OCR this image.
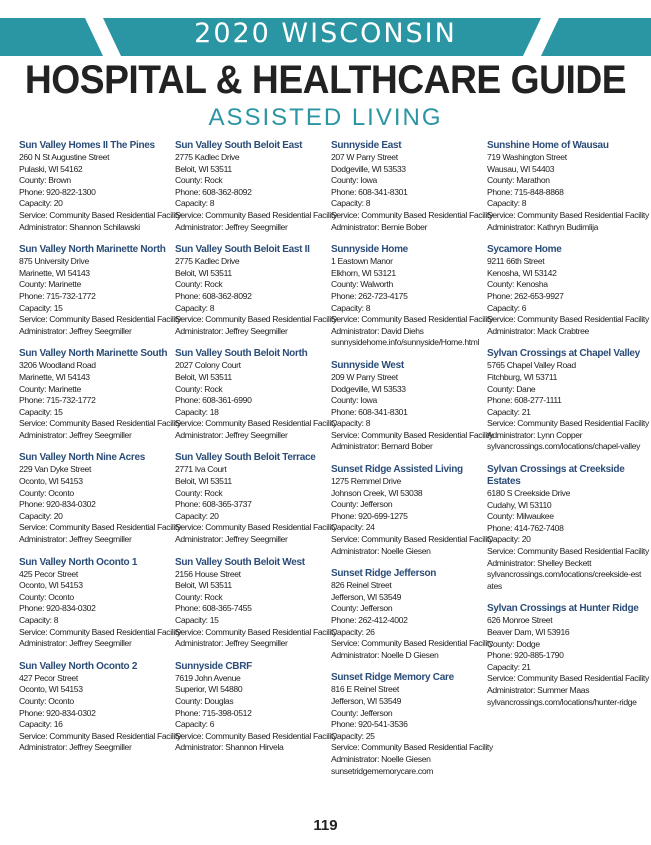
2020 WISCONSIN
HOSPITAL & HEALTHCARE GUIDE
ASSISTED LIVING
Sun Valley Homes II The Pines
260 N St Augustine Street
Pulaski, WI 54162
County: Brown
Phone: 920-822-1300
Capacity: 20
Service: Community Based Residential Facility
Administrator: Shannon Schilawski
Sun Valley North Marinette North
875 University Drive
Marinette, WI 54143
County: Marinette
Phone: 715-732-1772
Capacity: 15
Service: Community Based Residential Facility
Administrator: Jeffrey Seegmiller
Sun Valley North Marinette South
3206 Woodland Road
Marinette, WI 54143
County: Marinette
Phone: 715-732-1772
Capacity: 15
Service: Community Based Residential Facility
Administrator: Jeffrey Seegmiller
Sun Valley North Nine Acres
229 Van Dyke Street
Oconto, WI 54153
County: Oconto
Phone: 920-834-0302
Capacity: 20
Service: Community Based Residential Facility
Administrator: Jeffrey Seegmiller
Sun Valley North Oconto 1
425 Pecor Street
Oconto, WI 54153
County: Oconto
Phone: 920-834-0302
Capacity: 8
Service: Community Based Residential Facility
Administrator: Jeffrey Seegmiller
Sun Valley North Oconto 2
427 Pecor Street
Oconto, WI 54153
County: Oconto
Phone: 920-834-0302
Capacity: 16
Service: Community Based Residential Facility
Administrator: Jeffrey Seegmiller
Sun Valley South Beloit East
2775 Kadlec Drive
Beloit, WI 53511
County: Rock
Phone: 608-362-8092
Capacity: 8
Service: Community Based Residential Facility
Administrator: Jeffrey Seegmiller
Sun Valley South Beloit East II
2775 Kadlec Drive
Beloit, WI 53511
County: Rock
Phone: 608-362-8092
Capacity: 8
Service: Community Based Residential Facility
Administrator: Jeffrey Seegmiller
Sun Valley South Beloit North
2027 Colony Court
Beloit, WI 53511
County: Rock
Phone: 608-361-6990
Capacity: 18
Service: Community Based Residential Facility
Administrator: Jeffrey Seegmiller
Sun Valley South Beloit Terrace
2771 Iva Court
Beloit, WI 53511
County: Rock
Phone: 608-365-3737
Capacity: 20
Service: Community Based Residential Facility
Administrator: Jeffrey Seegmiller
Sun Valley South Beloit West
2156 House Street
Beloit, WI 53511
County: Rock
Phone: 608-365-7455
Capacity: 15
Service: Community Based Residential Facility
Administrator: Jeffrey Seegmiller
Sunnyside CBRF
7619 John Avenue
Superior, WI 54880
County: Douglas
Phone: 715-398-0512
Capacity: 6
Service: Community Based Residential Facility
Administrator: Shannon Hirvela
Sunnyside East
207 W Parry Street
Dodgeville, WI 53533
County: Iowa
Phone: 608-341-8301
Capacity: 8
Service: Community Based Residential Facility
Administrator: Bernie Bober
Sunnyside Home
1 Eastown Manor
Elkhorn, WI 53121
County: Walworth
Phone: 262-723-4175
Capacity: 8
Service: Community Based Residential Facility
Administrator: David Diehs
sunnysidehome.info/sunnyside/Home.html
Sunnyside West
209 W Parry Street
Dodgeville, WI 53533
County: Iowa
Phone: 608-341-8301
Capacity: 8
Service: Community Based Residential Facility
Administrator: Bernard Bober
Sunset Ridge Assisted Living
1275 Remmel Drive
Johnson Creek, WI 53038
County: Jefferson
Phone: 920-699-1275
Capacity: 24
Service: Community Based Residential Facility
Administrator: Noelle Giesen
Sunset Ridge Jefferson
826 Reinel Street
Jefferson, WI 53549
County: Jefferson
Phone: 262-412-4002
Capacity: 26
Service: Community Based Residential Facility
Administrator: Noelle D Giesen
Sunset Ridge Memory Care
816 E Reinel Street
Jefferson, WI 53549
County: Jefferson
Phone: 920-541-3536
Capacity: 25
Service: Community Based Residential Facility
Administrator: Noelle Giesen
sunsetridgememorycare.com
Sunshine Home of Wausau
719 Washington Street
Wausau, WI 54403
County: Marathon
Phone: 715-848-8868
Capacity: 8
Service: Community Based Residential Facility
Administrator: Kathryn Budimlija
Sycamore Home
9211 66th Street
Kenosha, WI 53142
County: Kenosha
Phone: 262-653-9927
Capacity: 6
Service: Community Based Residential Facility
Administrator: Mack Crabtree
Sylvan Crossings at Chapel Valley
5765 Chapel Valley Road
Fitchburg, WI 53711
County: Dane
Phone: 608-277-1111
Capacity: 21
Service: Community Based Residential Facility
Administrator: Lynn Copper
sylvancrossings.com/locations/chapel-valley
Sylvan Crossings at Creekside Estates
6180 S Creekside Drive
Cudahy, WI 53110
County: Milwaukee
Phone: 414-762-7408
Capacity: 20
Service: Community Based Residential Facility
Administrator: Shelley Beckett
sylvancrossings.com/locations/creekside-estates
Sylvan Crossings at Hunter Ridge
626 Monroe Street
Beaver Dam, WI 53916
County: Dodge
Phone: 920-885-1790
Capacity: 21
Service: Community Based Residential Facility
Administrator: Summer Maas
sylvancrossings.com/locations/hunter-ridge
119
